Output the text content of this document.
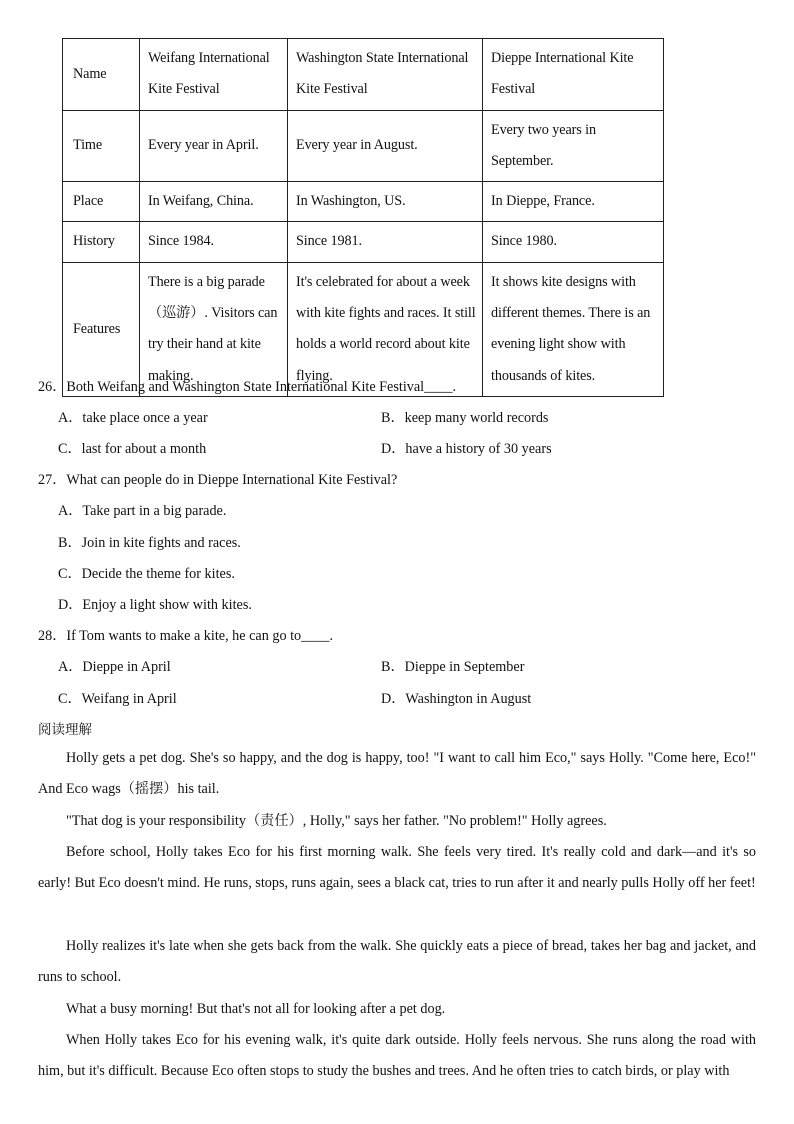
Name	Weifang International Kite Festival	Washington State International Kite Festival	Dieppe International Kite Festival
Time	Every year in April.	Every year in August.	Every two years in September.
Place	In Weifang, China.	In Washington, US.	In Dieppe, France.
History	Since 1984.	Since 1981.	Since 1980.
Features	There is a big parade（巡游）. Visitors can try their hand at kite making.	It's celebrated for about a week with kite fights and races. It still holds a world record about kite flying.	It shows kite designs with different themes. There is an evening light show with thousands of kites.
26．Both Weifang and Washington State International Kite Festival____.
A．take place once a year	B．keep many world records
C．last for about a month	D．have a history of 30 years
27．What can people do in Dieppe International Kite Festival?
A．Take part in a big parade.
B．Join in kite fights and races.
C．Decide the theme for kites.
D．Enjoy a light show with kites.
28．If Tom wants to make a kite, he can go to____.
A．Dieppe in April	B．Dieppe in September
C．Weifang in April	D．Washington in August
阅读理解
Holly gets a pet dog. She's so happy, and the dog is happy, too! "I want to call him Eco," says Holly. "Come here, Eco!" And Eco wags（摇摆）his tail.
"That dog is your responsibility（责任）, Holly," says her father. "No problem!" Holly agrees.
Before school, Holly takes Eco for his first morning walk. She feels very tired. It's really cold and dark—and it's so early! But Eco doesn't mind. He runs, stops, runs again, sees a black cat, tries to run after it and nearly pulls Holly off her feet!
Holly realizes it's late when she gets back from the walk. She quickly eats a piece of bread, takes her bag and jacket, and runs to school.
What a busy morning! But that's not all for looking after a pet dog.
When Holly takes Eco for his evening walk, it's quite dark outside. Holly feels nervous. She runs along the road with him, but it's difficult. Because Eco often stops to study the bushes and trees. And he often tries to catch birds, or play with
